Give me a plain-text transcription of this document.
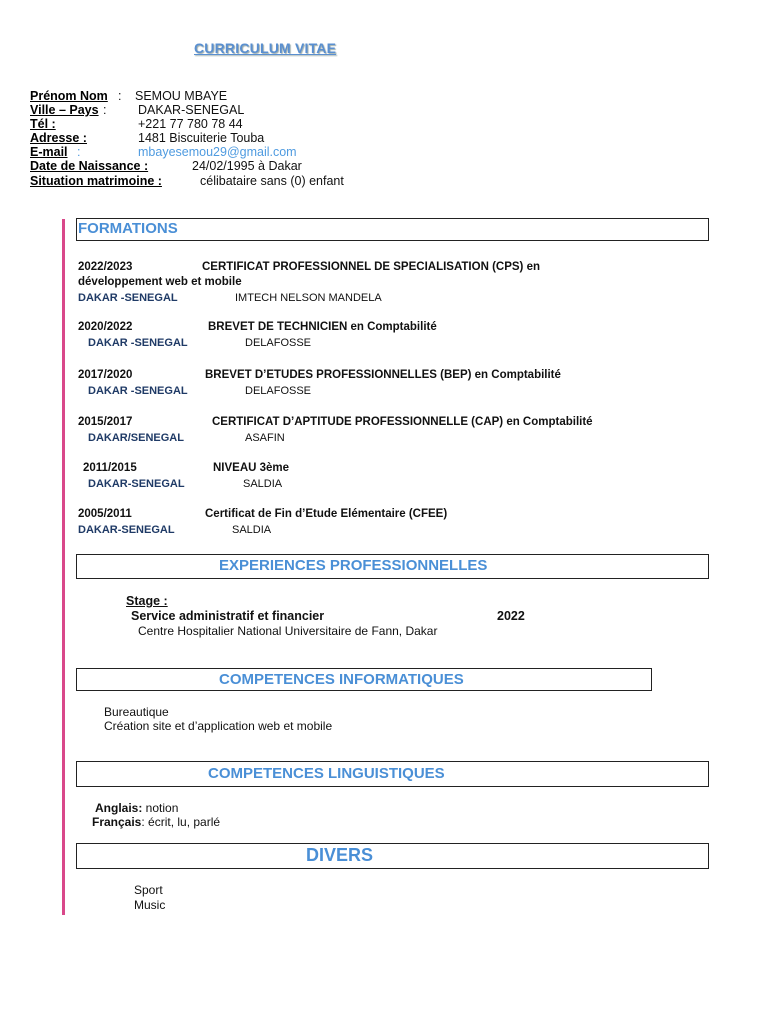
CURRICULUM VITAE
Prénom Nom : SEMOU MBAYE
Ville – Pays :	DAKAR-SENEGAL
Tél :	+221 77 780 78 44
Adresse :	1481 Biscuiterie Touba
E-mail :	mbayesemou29@gmail.com
Date de Naissance :	24/02/1995 à Dakar
Situation matrimoine :	célibataire sans (0) enfant
FORMATIONS
2022/2023	CERTIFICAT PROFESSIONNEL DE SPECIALISATION (CPS) en
développement web et mobile
DAKAR -SENEGAL	IMTECH NELSON MANDELA
2020/2022	BREVET DE TECHNICIEN en Comptabilité
DAKAR -SENEGAL	DELAFOSSE
2017/2020	BREVET D’ETUDES PROFESSIONNELLES (BEP) en Comptabilité
DAKAR -SENEGAL	DELAFOSSE
2015/2017	CERTIFICAT D’APTITUDE PROFESSIONNELLE (CAP) en Comptabilité
DAKAR/SENEGAL	ASAFIN
2011/2015	NIVEAU 3ème
DAKAR-SENEGAL	SALDIA
2005/2011	Certificat de Fin d’Etude Elémentaire (CFEE)
DAKAR-SENEGAL	SALDIA
EXPERIENCES PROFESSIONNELLES
Stage :
Service administratif et financier	2022
Centre Hospitalier National Universitaire de Fann, Dakar
COMPETENCES INFORMATIQUES
Bureautique
Création site et d’application web et mobile
COMPETENCES LINGUISTIQUES
Anglais: notion
Français: écrit, lu, parlé
DIVERS
Sport
Music
